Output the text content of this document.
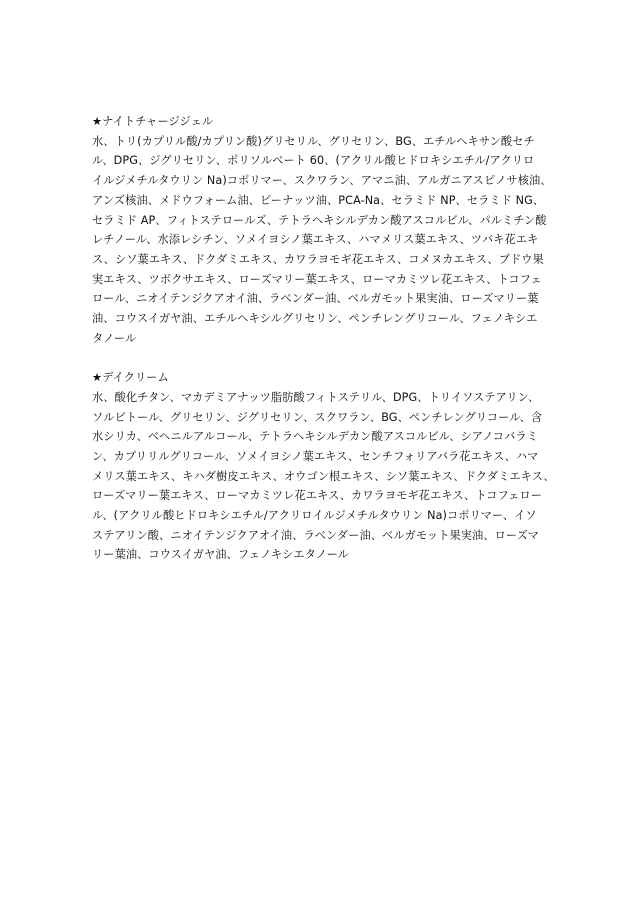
★ナイトチャージジェル
水、トリ(カプリル酸/カプリン酸)グリセリル、グリセリン、BG、エチルヘキサン酸セチ
ル、DPG、ジグリセリン、ポリソルベート 60、(アクリル酸ヒドロキシエチル/アクリロ
イルジメチルタウリン Na)コポリマー、スクワラン、アマニ油、アルガニアスピノサ核油、
アンズ核油、メドウフォーム油、ピーナッツ油、PCA-Na、セラミド NP、セラミド NG、
セラミド AP、フィトステロールズ、テトラヘキシルデカン酸アスコルビル、パルミチン酸
レチノール、水添レシチン、ソメイヨシノ葉エキス、ハマメリス葉エキス、ツバキ花エキ
ス、シソ葉エキス、ドクダミエキス、カワラヨモギ花エキス、コメヌカエキス、ブドウ果
実エキス、ツボクサエキス、ローズマリー葉エキス、ローマカミツレ花エキス、トコフェ
ロール、ニオイテンジクアオイ油、ラベンダー油、ベルガモット果実油、ローズマリー葉
油、コウスイガヤ油、エチルヘキシルグリセリン、ペンチレングリコール、フェノキシエ
タノール
★デイクリーム
水、酸化チタン、マカデミアナッツ脂肪酸フィトステリル、DPG、トリイソステアリン、
ソルビトール、グリセリン、ジグリセリン、スクワラン、BG、ペンチレングリコール、含
水シリカ、ベヘニルアルコール、テトラヘキシルデカン酸アスコルビル、シアノコバラミ
ン、カプリリルグリコール、ソメイヨシノ葉エキス、センチフォリアバラ花エキス、ハマ
メリス葉エキス、キハダ樹皮エキス、オウゴン根エキス、シソ葉エキス、ドクダミエキス、
ローズマリー葉エキス、ローマカミツレ花エキス、カワラヨモギ花エキス、トコフェロー
ル、(アクリル酸ヒドロキシエチル/アクリロイルジメチルタウリン Na)コポリマー、イソ
ステアリン酸、ニオイテンジクアオイ油、ラベンダー油、ベルガモット果実油、ローズマ
リー葉油、コウスイガヤ油、フェノキシエタノール
